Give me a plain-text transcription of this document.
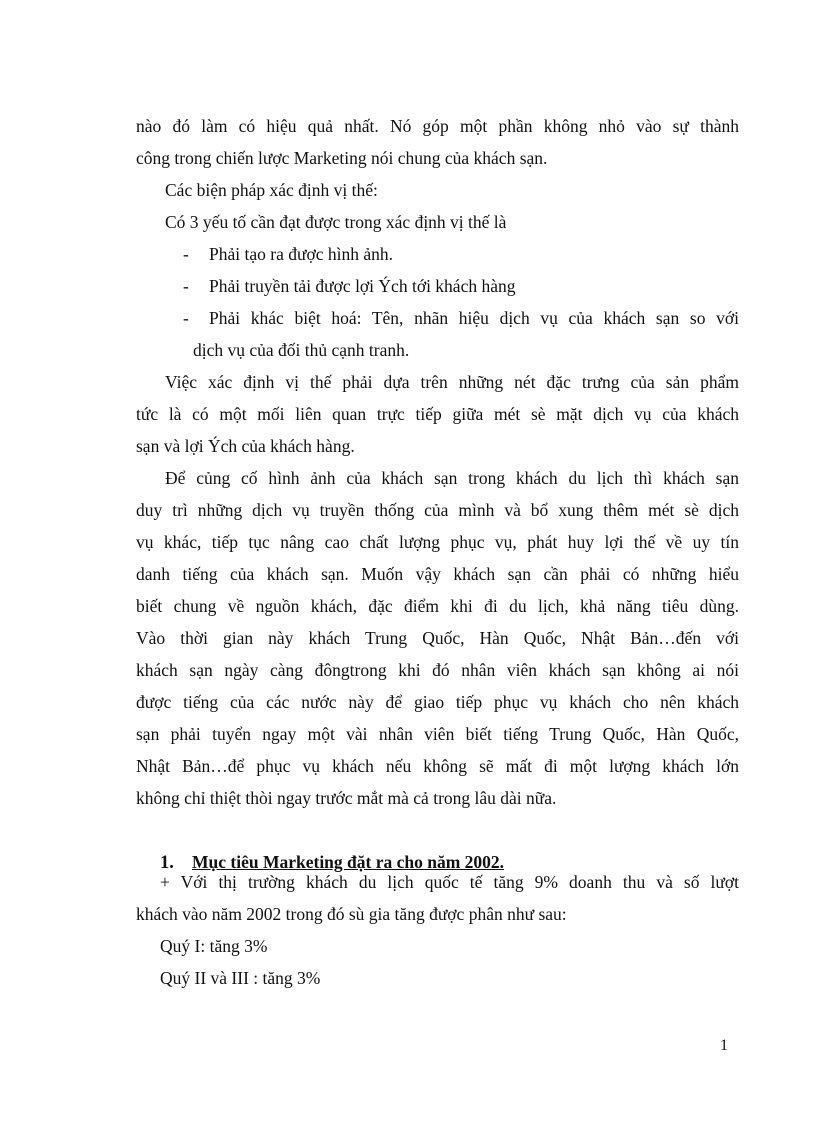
nào đó làm có hiệu quả nhất. Nó góp một phần không nhỏ vào sự thành

công trong chiến lược Marketing nói chung của khách sạn.

Các biện pháp xác định vị thế:

Có 3 yếu tố cần đạt được trong xác định vị thế là

- Phải tạo ra được hình ảnh.
- Phải truyền tải được lợi Ých tới khách hàng
- Phải khác biệt hoá: Tên, nhãn hiệu dịch vụ của khách sạn so với

dịch vụ của đối thủ cạnh tranh.

Việc xác định vị thế phải dựa trên những nét đặc trưng của sản phẩm

tức là có một mối liên quan trực tiếp giữa mét sè mặt dịch vụ của khách

sạn và lợi Ých của khách hàng.

Để củng cố hình ảnh của khách sạn trong khách du lịch thì khách sạn

duy trì những dịch vụ truyền thống của mình và bổ xung thêm mét sè dịch

vụ khác, tiếp tục nâng cao chất lượng phục vụ, phát huy lợi thế về uy tín

danh tiếng của khách sạn. Muốn vậy khách sạn cần phải có những hiểu

biết chung về nguồn khách, đặc điểm khi đi du lịch, khả năng tiêu dùng.

Vào thời gian này khách Trung Quốc, Hàn Quốc, Nhật Bản…đến với

khách sạn ngày càng đôngtrong khi đó nhân viên khách sạn không ai nói

được tiếng của các nước này để giao tiếp phục vụ khách cho nên khách

sạn phải tuyển ngay một vài nhân viên biết tiếng Trung Quốc, Hàn Quốc,

Nhật Bản…để phục vụ khách nếu không sẽ mất đi một lượng khách lớn

không chỉ thiệt thòi ngay trước mắt mà cả trong lâu dài nữa.

1. Mục tiêu Marketing đặt ra cho năm 2002.

+ Với thị trường khách du lịch quốc tế tăng 9% doanh thu và số lượt

khách vào năm 2002 trong đó sù gia tăng được phân như sau:

Quý I: tăng 3%

Quý II và III : tăng 3%

1
